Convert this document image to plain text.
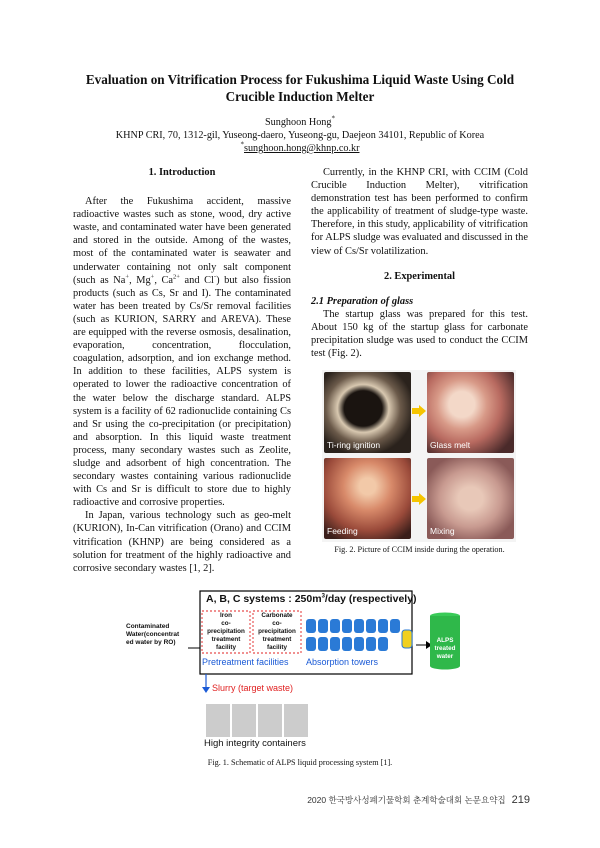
Evaluation on Vitrification Process for Fukushima Liquid Waste Using Cold
Crucible Induction Melter
Sunghoon Hong*
KHNP CRI, 70, 1312-gil, Yuseong-daero, Yuseong-gu, Daejeon 34101, Republic of Korea
*sunghoon.hong@khnp.co.kr
1. Introduction

After the Fukushima accident, massive radioactive wastes such as stone, wood, dry active waste, and contaminated water have been generated and stored in the outside. Among of the wastes, most of the contaminated water is seawater and underwater containing not only salt component (such as Na+, Mg+, $Ca^{2+}$ and Cl-) but also fission products (such as Cs, Sr and I). The contaminated water has been treated by Cs/Sr removal facilities (such as KURION, SARRY and AREVA). These are equipped with the reverse osmosis, desalination, evaporation, concentration, flocculation, coagulation, adsorption, and ion exchange method. In addition to these facilities, ALPS system is operated to lower the radioactive concentration of the water below the discharge standard. ALPS system is a facility of 62 radionuclide containing Cs and Sr using the co-precipitation (or precipitation) and absorption. In this liquid waste treatment process, many secondary wastes such as Zeolite, sludge and adsorbent of high concentration. The secondary wastes containing various radionuclide with Cs and Sr is difficult to store due to highly radioactive and corrosive properties.

In Japan, various technology such as geo-melt (KURION), In-Can vitrification (Orano) and CCIM vitrification (KHNP) are being considered as a solution for treatment of the highly radioactive and corrosive secondary wastes [1, 2].

Currently, in the KHNP CRI, with CCIM (Cold Crucible Induction Melter), vitrification demonstration test has been performed to confirm the applicability of treatment of sludge-type waste. Therefore, in this study, applicability of vitrification for ALPS sludge was evaluated and discussed in the view of Cs/Sr volatilization.

2. Experimental
2.1 Preparation of glass

The startup glass was prepared for this test. About 150 kg of the startup glass for carbonate precipitation sludge was used to conduct the CCIM test (Fig. 2).

Ti-ring ignition	Glass melt
Feeding	Mixing
Fig. 2. Picture of CCIM inside during the operation.
A, B, C systems : $250m^3$/day (respectively)
Contaminated
Water(concentrat
ed water by RO)
Iron
co-
precipitation
treatment
facility
Carbonate
co-
precipitation
treatment
facility
Pretreatment facilities Absorption towers
ALPS
treated
water
Slurry (target waste)
High integrity containers
Fig. 1. Schematic of ALPS liquid processing system [1].
2020 한국방사성폐기물학회 춘계학술대회 논문요약집 219
